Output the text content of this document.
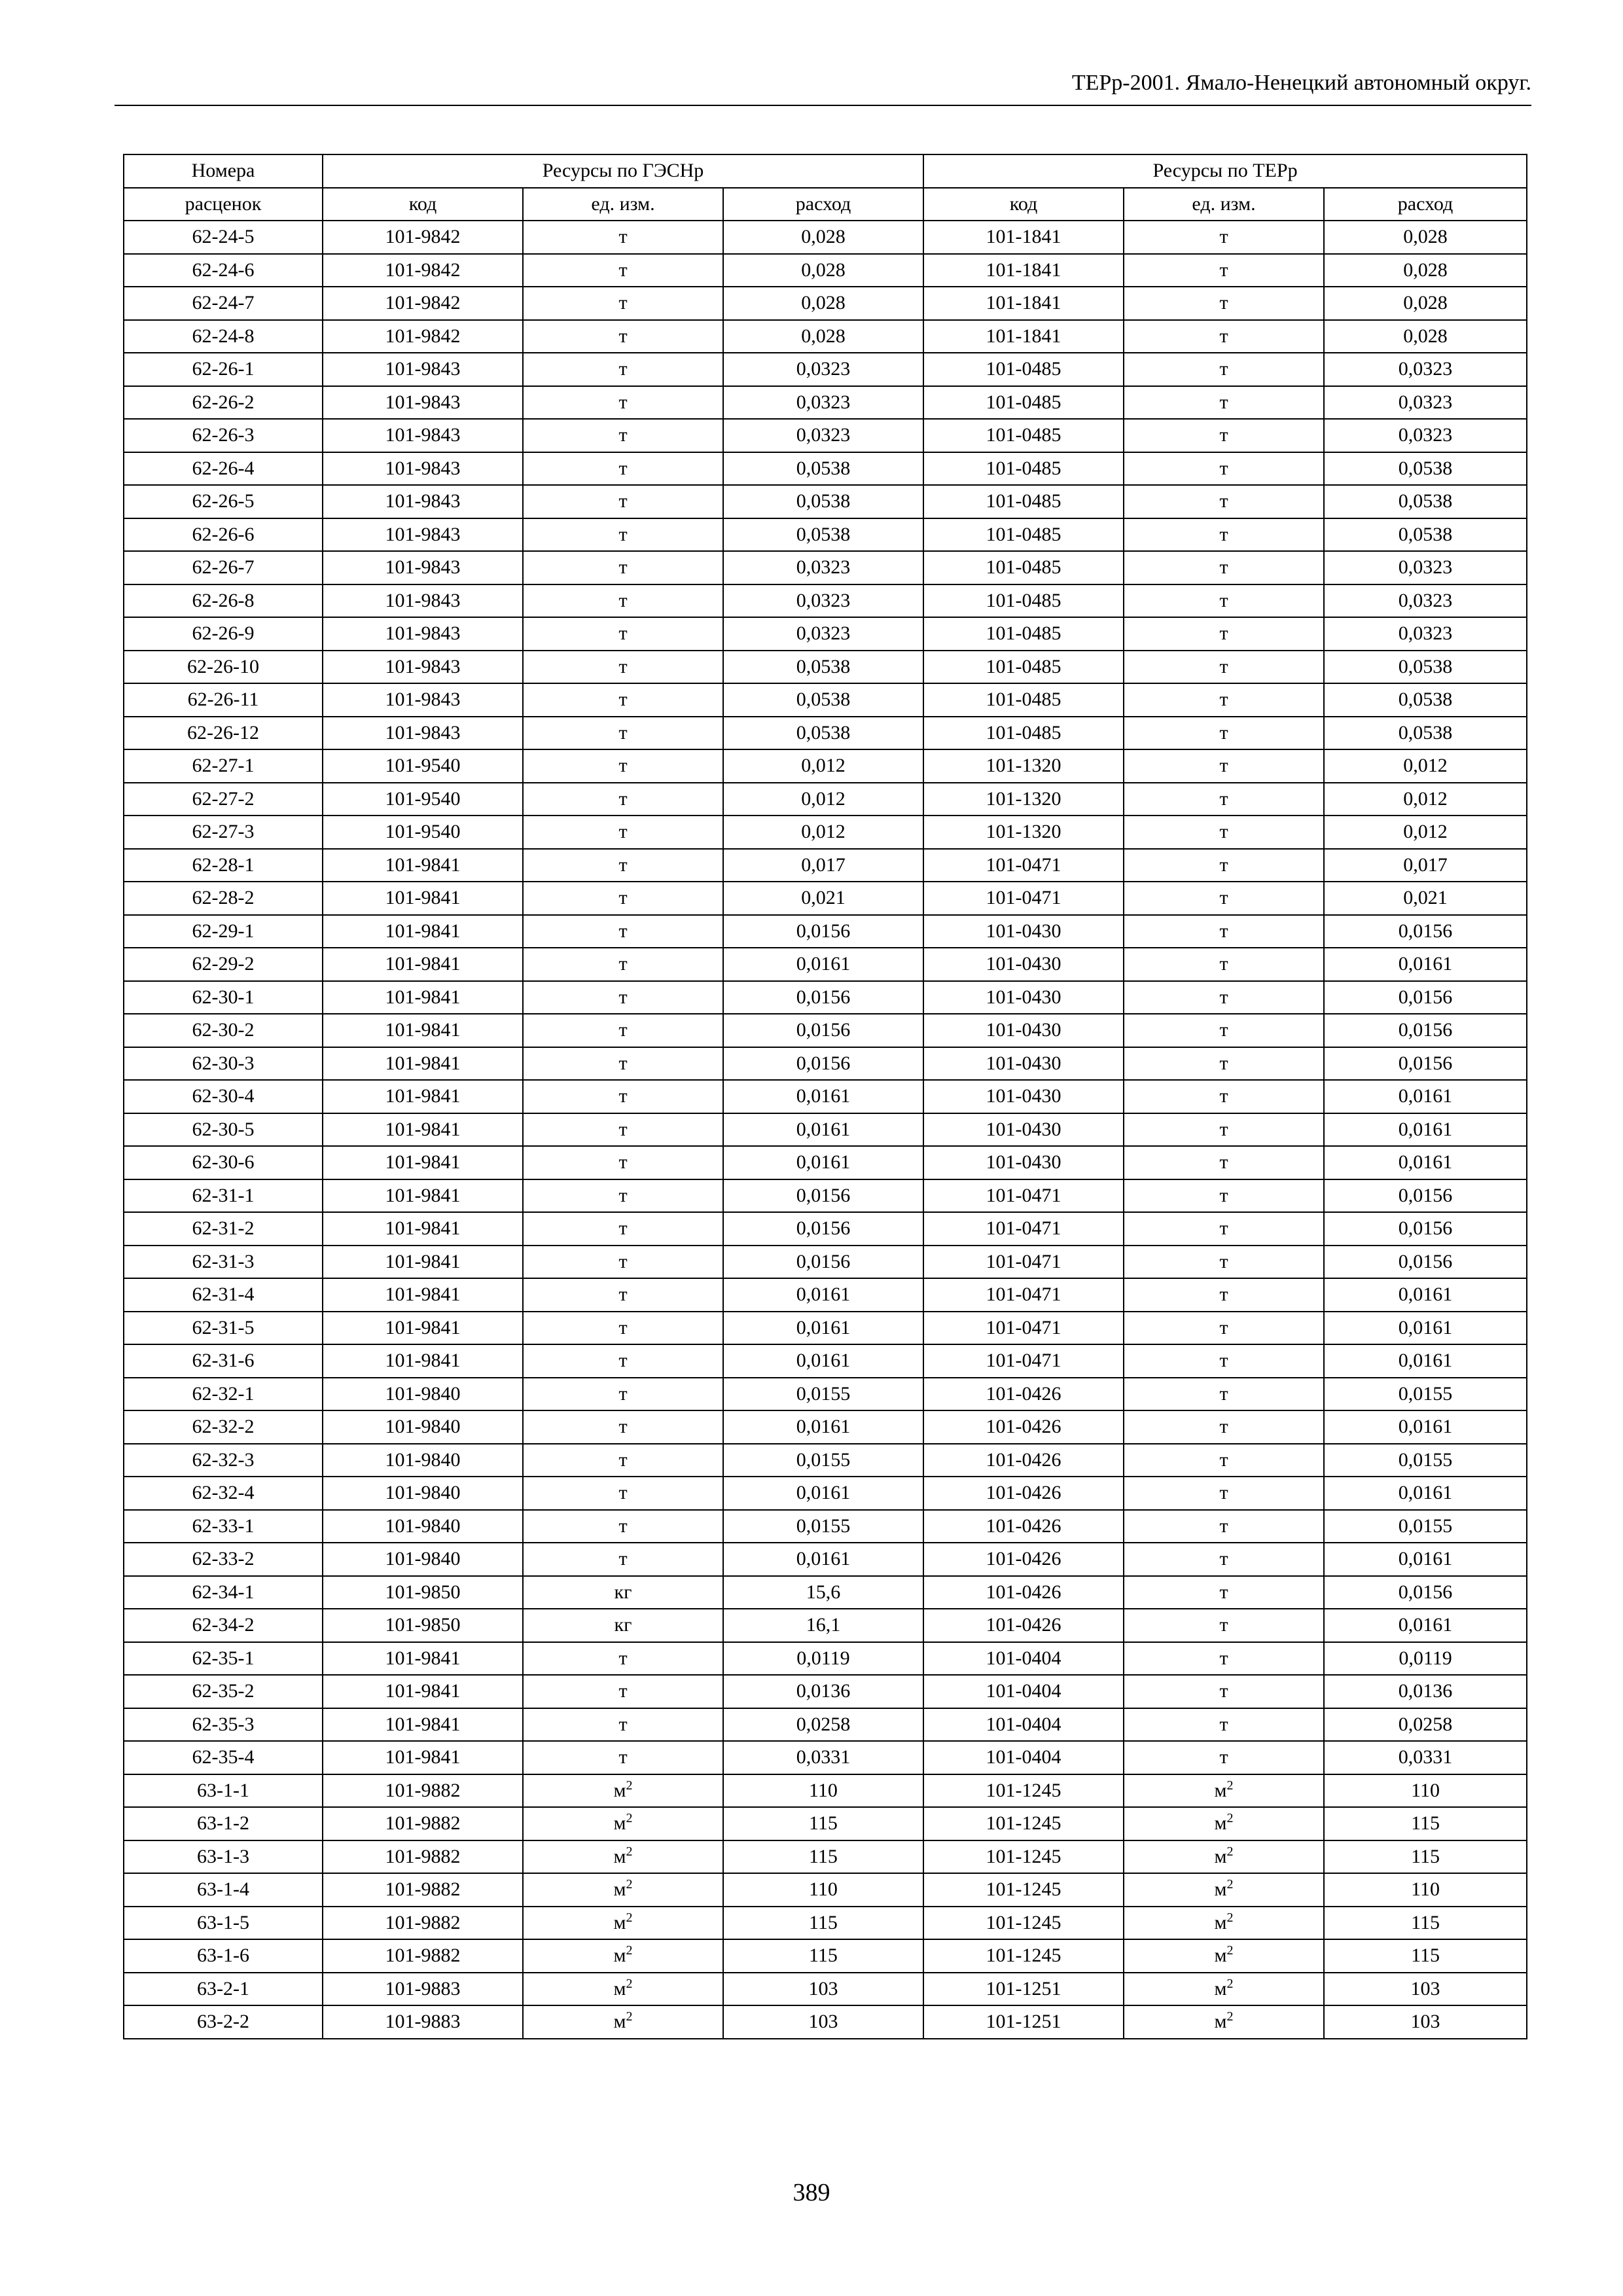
ТЕРр-2001. Ямало-Ненецкий автономный округ.
Номера	Ресурсы по ГЭСНр			Ресурсы по ТЕРр		
расценок	код	ед. изм.	расход	код	ед. изм.	расход
62-24-5	101-9842	т	0,028	101-1841	т	0,028
62-24-6	101-9842	т	0,028	101-1841	т	0,028
62-24-7	101-9842	т	0,028	101-1841	т	0,028
62-24-8	101-9842	т	0,028	101-1841	т	0,028
62-26-1	101-9843	т	0,0323	101-0485	т	0,0323
62-26-2	101-9843	т	0,0323	101-0485	т	0,0323
62-26-3	101-9843	т	0,0323	101-0485	т	0,0323
62-26-4	101-9843	т	0,0538	101-0485	т	0,0538
62-26-5	101-9843	т	0,0538	101-0485	т	0,0538
62-26-6	101-9843	т	0,0538	101-0485	т	0,0538
62-26-7	101-9843	т	0,0323	101-0485	т	0,0323
62-26-8	101-9843	т	0,0323	101-0485	т	0,0323
62-26-9	101-9843	т	0,0323	101-0485	т	0,0323
62-26-10	101-9843	т	0,0538	101-0485	т	0,0538
62-26-11	101-9843	т	0,0538	101-0485	т	0,0538
62-26-12	101-9843	т	0,0538	101-0485	т	0,0538
62-27-1	101-9540	т	0,012	101-1320	т	0,012
62-27-2	101-9540	т	0,012	101-1320	т	0,012
62-27-3	101-9540	т	0,012	101-1320	т	0,012
62-28-1	101-9841	т	0,017	101-0471	т	0,017
62-28-2	101-9841	т	0,021	101-0471	т	0,021
62-29-1	101-9841	т	0,0156	101-0430	т	0,0156
62-29-2	101-9841	т	0,0161	101-0430	т	0,0161
62-30-1	101-9841	т	0,0156	101-0430	т	0,0156
62-30-2	101-9841	т	0,0156	101-0430	т	0,0156
62-30-3	101-9841	т	0,0156	101-0430	т	0,0156
62-30-4	101-9841	т	0,0161	101-0430	т	0,0161
62-30-5	101-9841	т	0,0161	101-0430	т	0,0161
62-30-6	101-9841	т	0,0161	101-0430	т	0,0161
62-31-1	101-9841	т	0,0156	101-0471	т	0,0156
62-31-2	101-9841	т	0,0156	101-0471	т	0,0156
62-31-3	101-9841	т	0,0156	101-0471	т	0,0156
62-31-4	101-9841	т	0,0161	101-0471	т	0,0161
62-31-5	101-9841	т	0,0161	101-0471	т	0,0161
62-31-6	101-9841	т	0,0161	101-0471	т	0,0161
62-32-1	101-9840	т	0,0155	101-0426	т	0,0155
62-32-2	101-9840	т	0,0161	101-0426	т	0,0161
62-32-3	101-9840	т	0,0155	101-0426	т	0,0155
62-32-4	101-9840	т	0,0161	101-0426	т	0,0161
62-33-1	101-9840	т	0,0155	101-0426	т	0,0155
62-33-2	101-9840	т	0,0161	101-0426	т	0,0161
62-34-1	101-9850	кг	15,6	101-0426	т	0,0156
62-34-2	101-9850	кг	16,1	101-0426	т	0,0161
62-35-1	101-9841	т	0,0119	101-0404	т	0,0119
62-35-2	101-9841	т	0,0136	101-0404	т	0,0136
62-35-3	101-9841	т	0,0258	101-0404	т	0,0258
62-35-4	101-9841	т	0,0331	101-0404	т	0,0331
63-1-1	101-9882	$м^2$	110	101-1245	$м^2$	110
63-1-2	101-9882	$м^2$	115	101-1245	$м^2$	115
63-1-3	101-9882	$м^2$	115	101-1245	$м^2$	115
63-1-4	101-9882	$м^2$	110	101-1245	$м^2$	110
63-1-5	101-9882	$м^2$	115	101-1245	$м^2$	115
63-1-6	101-9882	$м^2$	115	101-1245	$м^2$	115
63-2-1	101-9883	$м^2$	103	101-1251	$м^2$	103
63-2-2	101-9883	$м^2$	103	101-1251	$м^2$	103
389
